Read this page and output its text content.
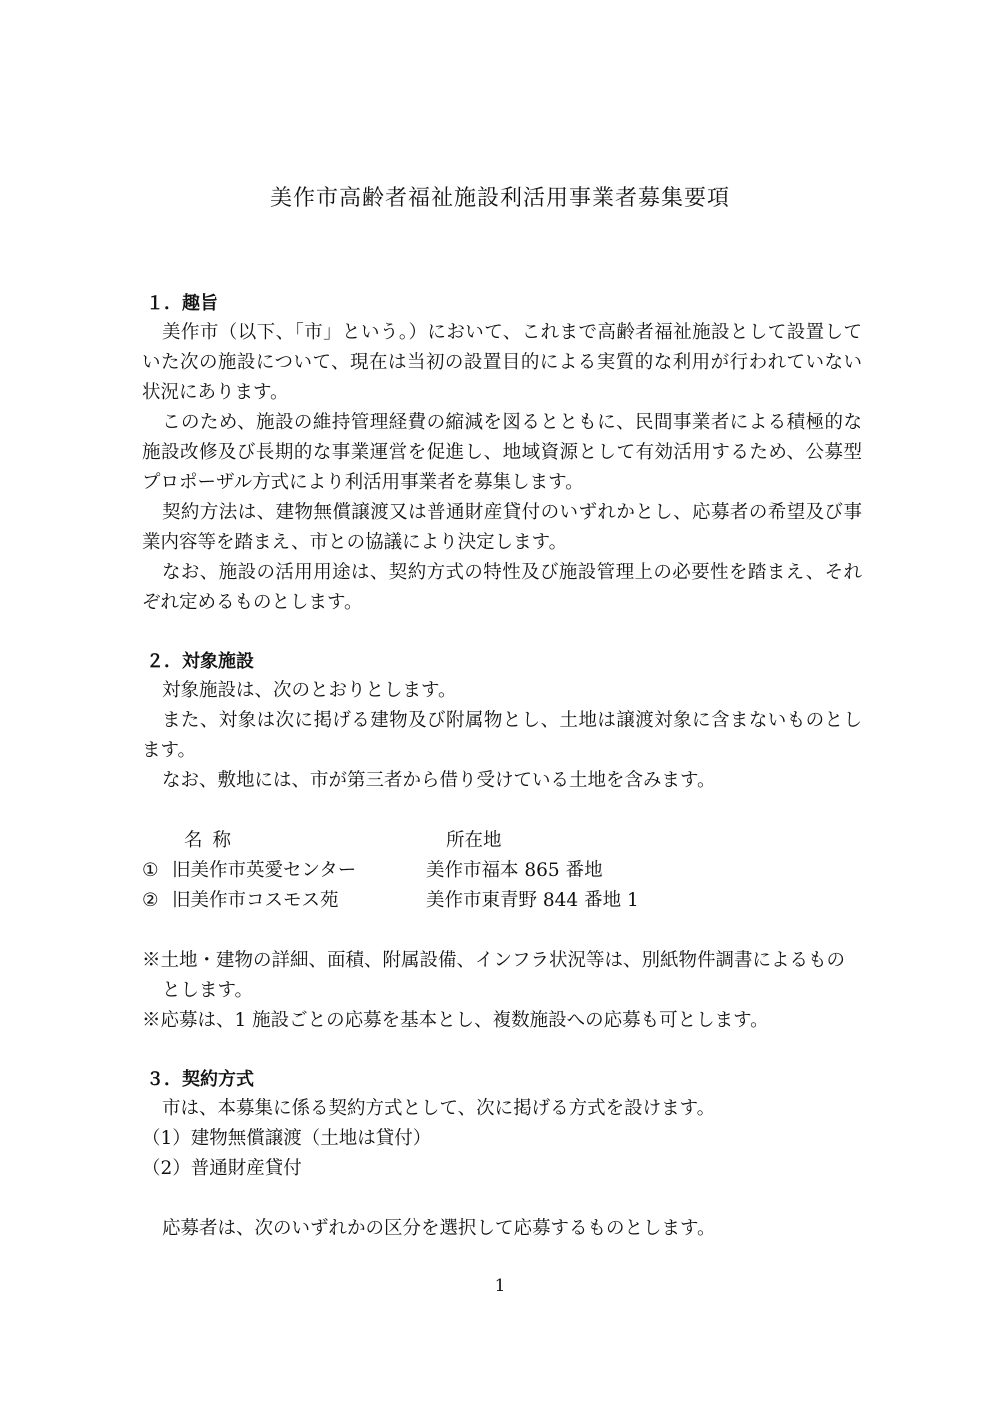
美作市高齢者福祉施設利活用事業者募集要項
１．趣旨
美作市（以下、「市」という。）において、これまで高齢者福祉施設として設置していた次の施設について、現在は当初の設置目的による実質的な利用が行われていない状況にあります。
このため、施設の維持管理経費の縮減を図るとともに、民間事業者による積極的な施設改修及び長期的な事業運営を促進し、地域資源として有効活用するため、公募型プロポーザル方式により利活用事業者を募集します。
契約方法は、建物無償譲渡又は普通財産貸付のいずれかとし、応募者の希望及び事業内容等を踏まえ、市との協議により決定します。
なお、施設の活用用途は、契約方式の特性及び施設管理上の必要性を踏まえ、それぞれ定めるものとします。
２．対象施設
対象施設は、次のとおりとします。
また、対象は次に掲げる建物及び附属物とし、土地は譲渡対象に含まないものとします。
なお、敷地には、市が第三者から借り受けている土地を含みます。
名称	所在地
① 旧美作市英愛センター	美作市福本 865 番地
② 旧美作市コスモス苑	美作市東青野 844 番地 1
※土地・建物の詳細、面積、附属設備、インフラ状況等は、別紙物件調書によるものとします。
※応募は、1 施設ごとの応募を基本とし、複数施設への応募も可とします。
３．契約方式
市は、本募集に係る契約方式として、次に掲げる方式を設けます。
（1）建物無償譲渡（土地は貸付）
（2）普通財産貸付
応募者は、次のいずれかの区分を選択して応募するものとします。
1
